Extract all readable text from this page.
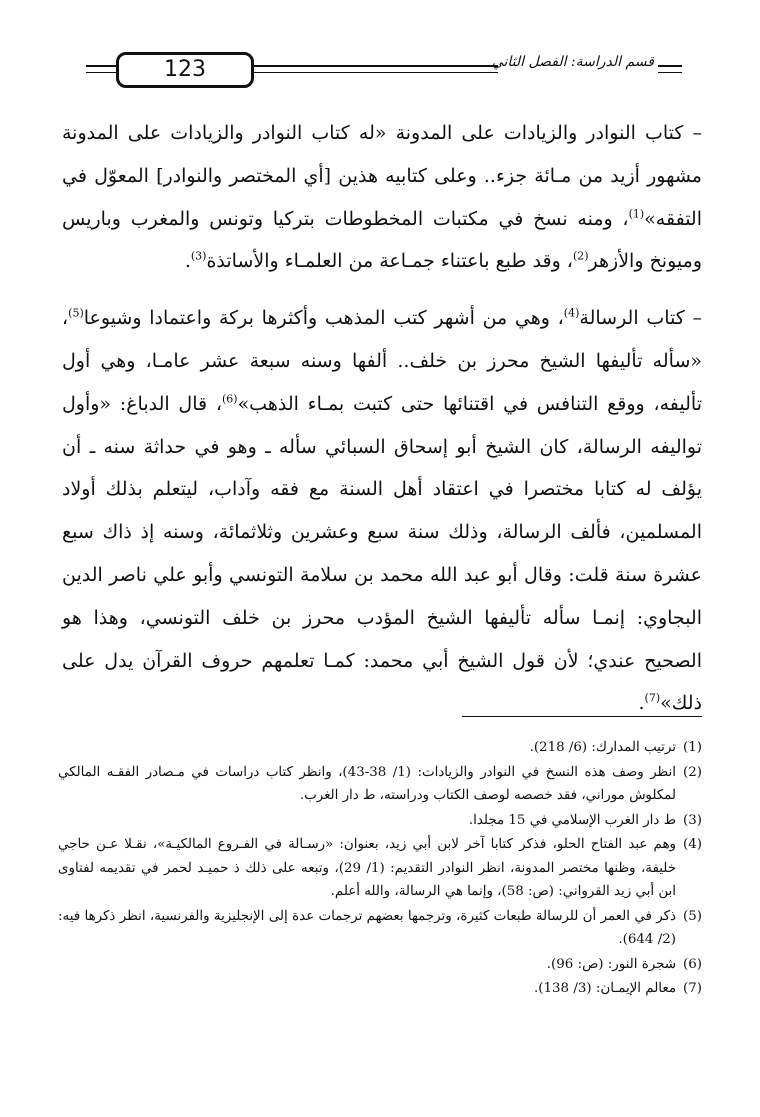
123	قسم الدراسة: الفصل الثاني

– كتاب النوادر والزيادات على المدونة «له كتاب النوادر والزيادات على المدونة مشهور أزيد من مـائة جزء.. وعلى كتابيه هذين [أي المختصر والنوادر] المعوّل في التفقه»$^{(1)}$، ومنه نسخ في مكتبات المخطوطات بتركيا وتونس والمغرب وباريس وميونخ والأزهر$^{(2)}$، وقد طبع باعتناء جمـاعة من العلمـاء والأساتذة$^{(3)}$.

– كتاب الرسالة$^{(4)}$، وهي من أشهر كتب المذهب وأكثرها بركة واعتمادا وشيوعا$^{(5)}$، «سأله تأليفها الشيخ محرز بن خلف.. ألفها وسنه سبعة عشر عامـا، وهي أول تأليفه، ووقع التنافس في اقتنائها حتى كتبت بمـاء الذهب»$^{(6)}$، قال الدباغ: «وأول تواليفه الرسالة، كان الشيخ أبو إسحاق السبائي سأله ـ وهو في حداثة سنه ـ أن يؤلف له كتابا مختصرا في اعتقاد أهل السنة مع فقه وآداب، ليتعلم بذلك أولاد المسلمين، فألف الرسالة، وذلك سنة سبع وعشرين وثلاثمائة، وسنه إذ ذاك سبع عشرة سنة قلت: وقال أبو عبد الله محمد بن سلامة التونسي وأبو علي ناصر الدين البجاوي: إنمـا سأله تأليفها الشيخ المؤدب محرز بن خلف التونسي، وهذا هو الصحيح عندي؛ لأن قول الشيخ أبي محمد: كمـا تعلمهم حروف القرآن يدل على ذلك»$^{(7)}$.

(1)
ترتيب المدارك: (6/ 218).
(2)
انظر وصف هذه النسخ في النوادر والزيادات: (1/ 38-43)، وانظر كتاب دراسات في مـصادر الفقـه المالكي لمكلوش موراني، فقد خصصه لوصف الكتاب ودراسته، ط دار الغرب.
(3)
ط دار الغرب الإسلامي في 15 مجلدا.
(4)
وهم عبد الفتاح الحلو، فذكر كتابا آخر لابن أبي زيد، بعنوان: «رسـالة في الفـروع المالكيـة»، نقـلا عـن حاجي خليفة، وظنها مختصر المدونة، انظر النوادر التقديم: (1/ 29)، وتبعه على ذلك ذ حميـد لحمر في تقديمه لفتاوى ابن أبي زيد القرواني: (ص: 58)، وإنما هي الرسالة، والله أعلم.
(5)
ذكر في العمر أن للرسالة طبعات كثيرة، وترجمها بعضهم ترجمات عدة إلى الإنجليزية والفرنسية، انظر ذكرها فيه: (2/ 644).
(6)
شجرة النور: (ص: 96).
(7)
معالم الإيمـان: (3/ 138).
